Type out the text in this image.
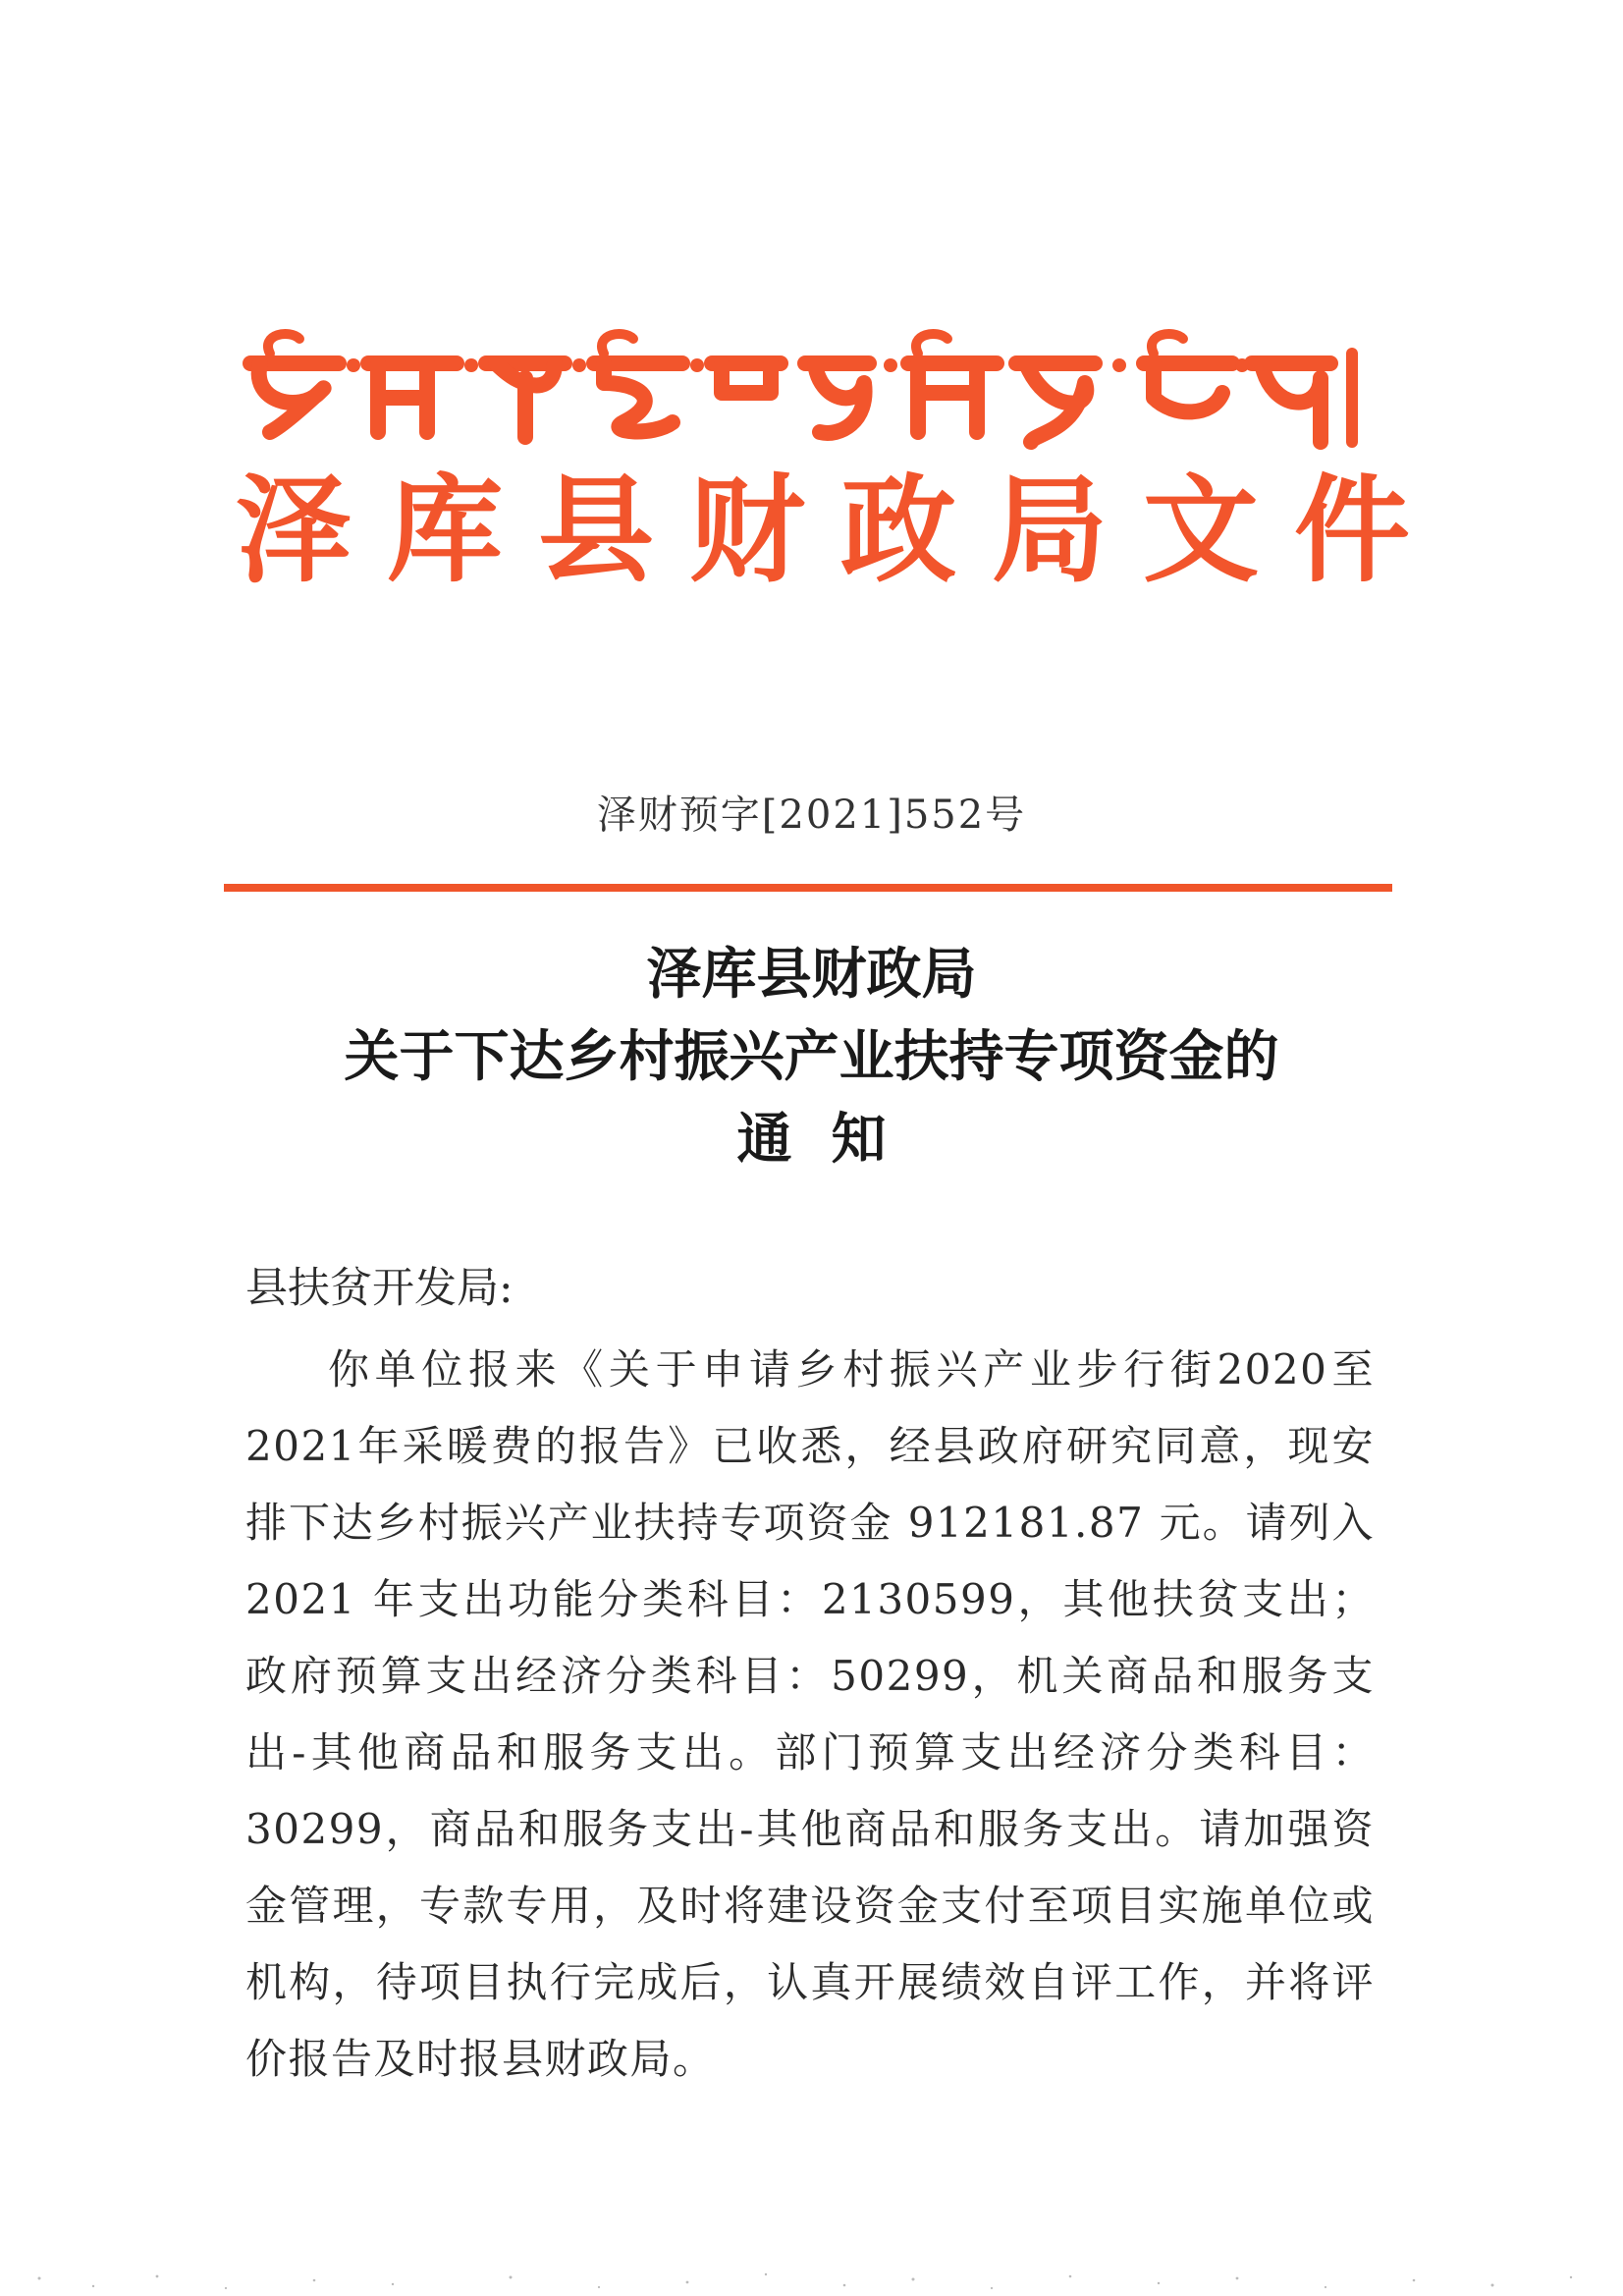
泽库县财政局文件
泽财预字[2021]552号
泽库县财政局
关于下达乡村振兴产业扶持专项资金的
通知
县扶贫开发局:
你单位报来《关于申请乡村振兴产业步行街2020至2021年采暖费的报告》已收悉，经县政府研究同意，现安排下达乡村振兴产业扶持专项资金 912181.87 元。请列入 2021 年支出功能分类科目：2130599，其他扶贫支出；政府预算支出经济分类科目：50299，机关商品和服务支出-其他商品和服务支出。部门预算支出经济分类科目：30299，商品和服务支出-其他商品和服务支出。请加强资金管理，专款专用，及时将建设资金支付至项目实施单位或机构，待项目执行完成后，认真开展绩效自评工作，并将评价报告及时报县财政局。
